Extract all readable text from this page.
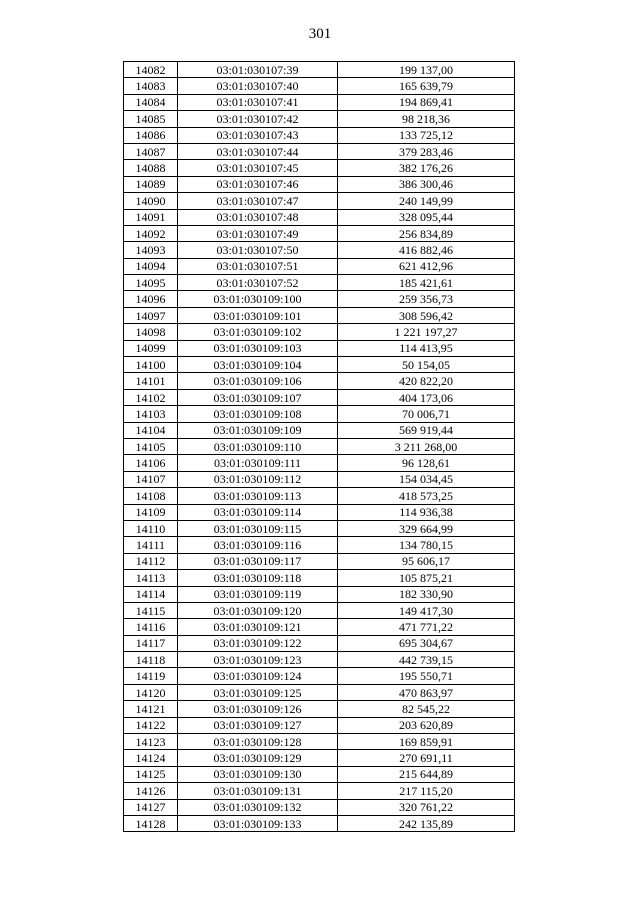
301
14082	03:01:030107:39	199 137,00
14083	03:01:030107:40	165 639,79
14084	03:01:030107:41	194 869,41
14085	03:01:030107:42	98 218,36
14086	03:01:030107:43	133 725,12
14087	03:01:030107:44	379 283,46
14088	03:01:030107:45	382 176,26
14089	03:01:030107:46	386 300,46
14090	03:01:030107:47	240 149,99
14091	03:01:030107:48	328 095,44
14092	03:01:030107:49	256 834,89
14093	03:01:030107:50	416 882,46
14094	03:01:030107:51	621 412,96
14095	03:01:030107:52	185 421,61
14096	03:01:030109:100	259 356,73
14097	03:01:030109:101	308 596,42
14098	03:01:030109:102	1 221 197,27
14099	03:01:030109:103	114 413,95
14100	03:01:030109:104	50 154,05
14101	03:01:030109:106	420 822,20
14102	03:01:030109:107	404 173,06
14103	03:01:030109:108	70 006,71
14104	03:01:030109:109	569 919,44
14105	03:01:030109:110	3 211 268,00
14106	03:01:030109:111	96 128,61
14107	03:01:030109:112	154 034,45
14108	03:01:030109:113	418 573,25
14109	03:01:030109:114	114 936,38
14110	03:01:030109:115	329 664,99
14111	03:01:030109:116	134 780,15
14112	03:01:030109:117	95 606,17
14113	03:01:030109:118	105 875,21
14114	03:01:030109:119	182 330,90
14115	03:01:030109:120	149 417,30
14116	03:01:030109:121	471 771,22
14117	03:01:030109:122	695 304,67
14118	03:01:030109:123	442 739,15
14119	03:01:030109:124	195 550,71
14120	03:01:030109:125	470 863,97
14121	03:01:030109:126	82 545,22
14122	03:01:030109:127	203 620,89
14123	03:01:030109:128	169 859,91
14124	03:01:030109:129	270 691,11
14125	03:01:030109:130	215 644,89
14126	03:01:030109:131	217 115,20
14127	03:01:030109:132	320 761,22
14128	03:01:030109:133	242 135,89
